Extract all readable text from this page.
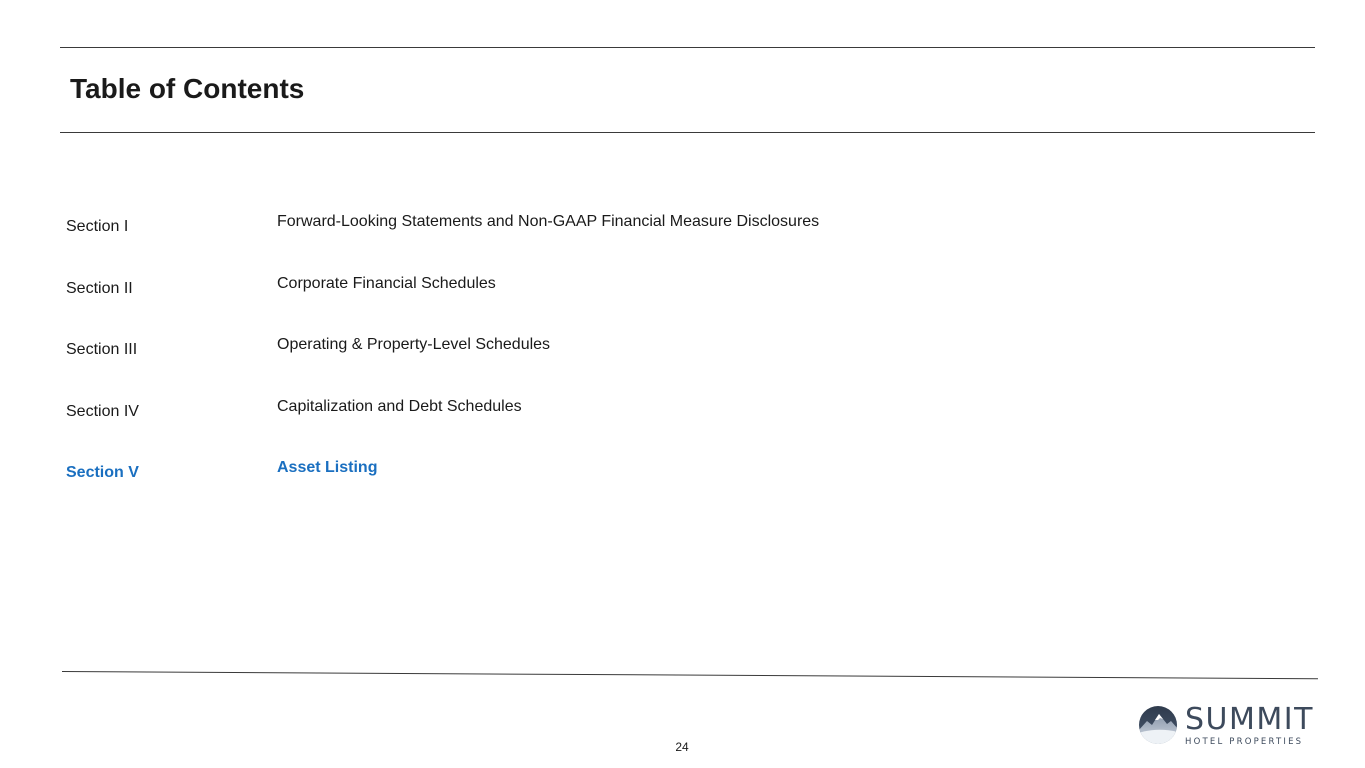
Table of Contents
Section I	Forward-Looking Statements and Non-GAAP Financial Measure Disclosures
Section II	Corporate Financial Schedules
Section III	Operating & Property-Level Schedules
Section IV	Capitalization and Debt Schedules
Section V	Asset Listing
24
SUMMIT
HOTEL PROPERTIES
